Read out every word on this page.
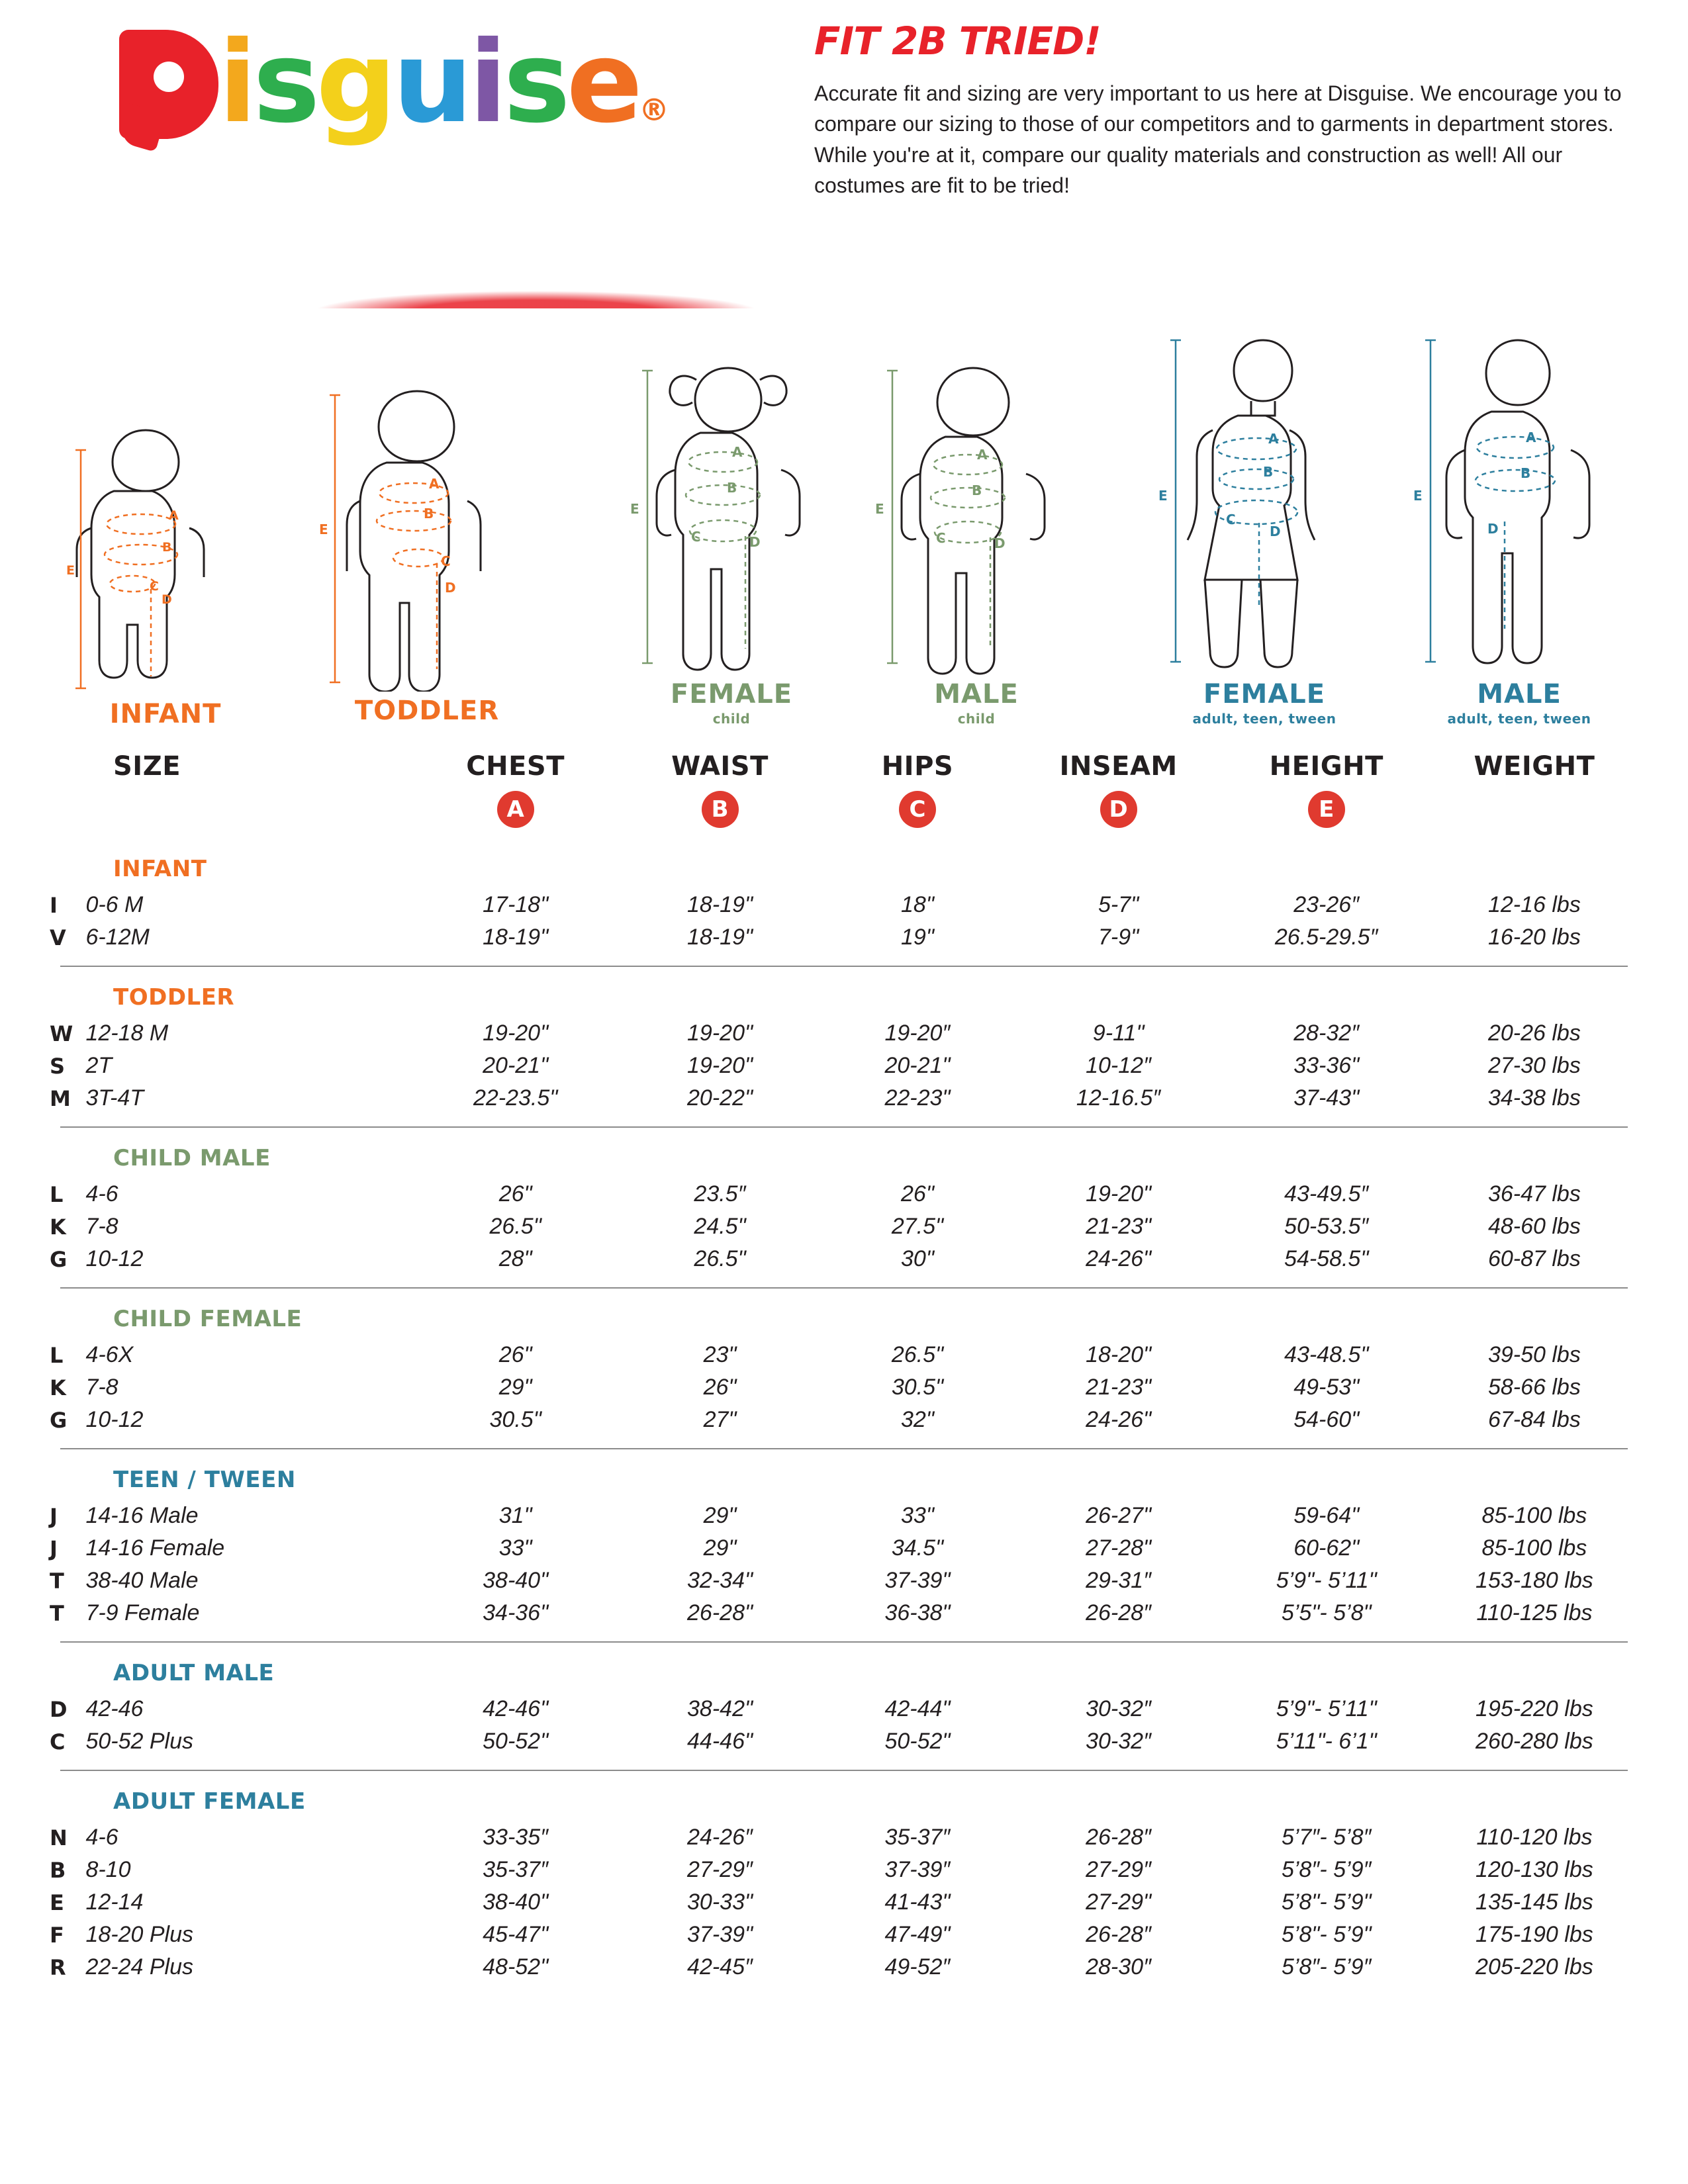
isguise®
FIT 2B TRIED!

Accurate fit and sizing are very important to us here at Disguise. We encourage you to compare our sizing to those of our competitors and to garments in department stores. While you're at it, compare our quality materials and construction as well! All our costumes are fit to be tried!

A
B
C
D
E
INFANT
A
B
C
D
E
TODDLER
A
B
C	D
E
FEMALE
child
A
B
C	D
E
MALE
child
A
B
C
D
E
FEMALE
adult, teen, tween
A
B
D
E
MALE
adult, teen, tween
SIZE		CHEST	WAIST	HIPS	INSEAM	HEIGHT	WEIGHT
		A	B	C	D	E	
INFANT							
I	0-6 M	17-18"	18-19"	18"	5-7"	23-26″	12-16 lbs
V	6-12M	18-19"	18-19"	19"	7-9"	26.5-29.5″	16-20 lbs

TODDLER							
W	12-18 M	19-20"	19-20"	19-20″	9-11"	28-32″	20-26 lbs
S	2T	20-21"	19-20"	20-21"	10-12″	33-36"	27-30 lbs
M	3T-4T	22-23.5"	20-22"	22-23"	12-16.5″	37-43"	34-38 lbs

CHILD MALE							
L	4-6	26"	23.5″	26"	19-20"	43-49.5″	36-47 lbs
K	7-8	26.5"	24.5"	27.5"	21-23"	50-53.5″	48-60 lbs
G	10-12	28"	26.5"	30"	24-26"	54-58.5"	60-87 lbs

CHILD FEMALE							
L	4-6X	26"	23"	26.5"	18-20"	43-48.5"	39-50 lbs
K	7-8	29"	26"	30.5"	21-23"	49-53"	58-66 lbs
G	10-12	30.5"	27"	32"	24-26"	54-60"	67-84 lbs

TEEN / TWEEN							
J	14-16 Male	31"	29"	33"	26-27"	59-64"	85-100 lbs
J	14-16 Female	33"	29"	34.5"	27-28"	60-62"	85-100 lbs
T	38-40 Male	38-40"	32-34"	37-39"	29-31″	5’9"- 5’11"	153-180 lbs
T	7-9 Female	34-36"	26-28"	36-38"	26-28″	5’5"- 5’8"	110-125 lbs

ADULT MALE							
D	42-46	42-46"	38-42"	42-44"	30-32″	5’9"- 5’11"	195-220 lbs
C	50-52 Plus	50-52"	44-46"	50-52"	30-32″	5’11"- 6’1"	260-280 lbs

ADULT FEMALE							
N	4-6	33-35″	24-26″	35-37″	26-28″	5’7″- 5’8″	110-120 lbs
B	8-10	35-37″	27-29″	37-39″	27-29″	5’8″- 5’9″	120-130 lbs
E	12-14	38-40"	30-33"	41-43"	27-29"	5’8"- 5’9"	135-145 lbs
F	18-20 Plus	45-47"	37-39"	47-49"	26-28″	5’8"- 5’9"	175-190 lbs
R	22-24 Plus	48-52"	42-45″	49-52″	28-30″	5’8″- 5’9″	205-220 lbs
